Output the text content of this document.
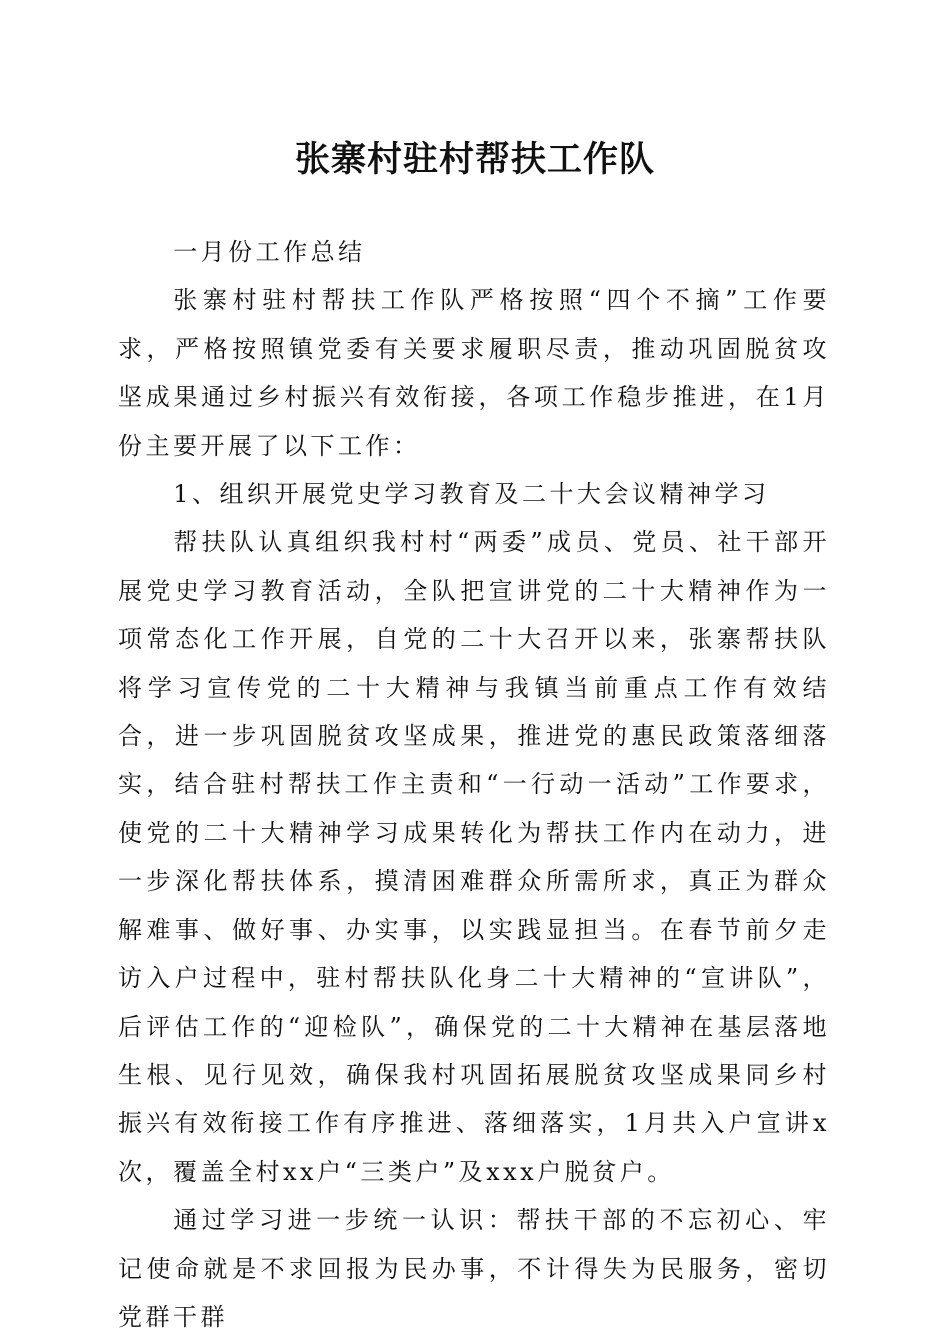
张寨村驻村帮扶工作队

一月份工作总结

张寨村驻村帮扶工作队严格按照“四个不摘”工作要求，严格按照镇党委有关要求履职尽责，推动巩固脱贫攻坚成果通过乡村振兴有效衔接，各项工作稳步推进，在1月份主要开展了以下工作：

1、组织开展党史学习教育及二十大会议精神学习

帮扶队认真组织我村村“两委”成员、党员、社干部开展党史学习教育活动，全队把宣讲党的二十大精神作为一项常态化工作开展，自党的二十大召开以来，张寨帮扶队将学习宣传党的二十大精神与我镇当前重点工作有效结合，进一步巩固脱贫攻坚成果，推进党的惠民政策落细落实，结合驻村帮扶工作主责和“一行动一活动”工作要求，使党的二十大精神学习成果转化为帮扶工作内在动力，进一步深化帮扶体系，摸清困难群众所需所求，真正为群众解难事、做好事、办实事，以实践显担当。在春节前夕走访入户过程中，驻村帮扶队化身二十大精神的“宣讲队”，后评估工作的“迎检队”，确保党的二十大精神在基层落地生根、见行见效，确保我村巩固拓展脱贫攻坚成果同乡村振兴有效衔接工作有序推进、落细落实，1月共入户宣讲x次，覆盖全村xx户“三类户”及xxx户脱贫户。

通过学习进一步统一认识：帮扶干部的不忘初心、牢记使命就是不求回报为民办事，不计得失为民服务，密切党群干群
